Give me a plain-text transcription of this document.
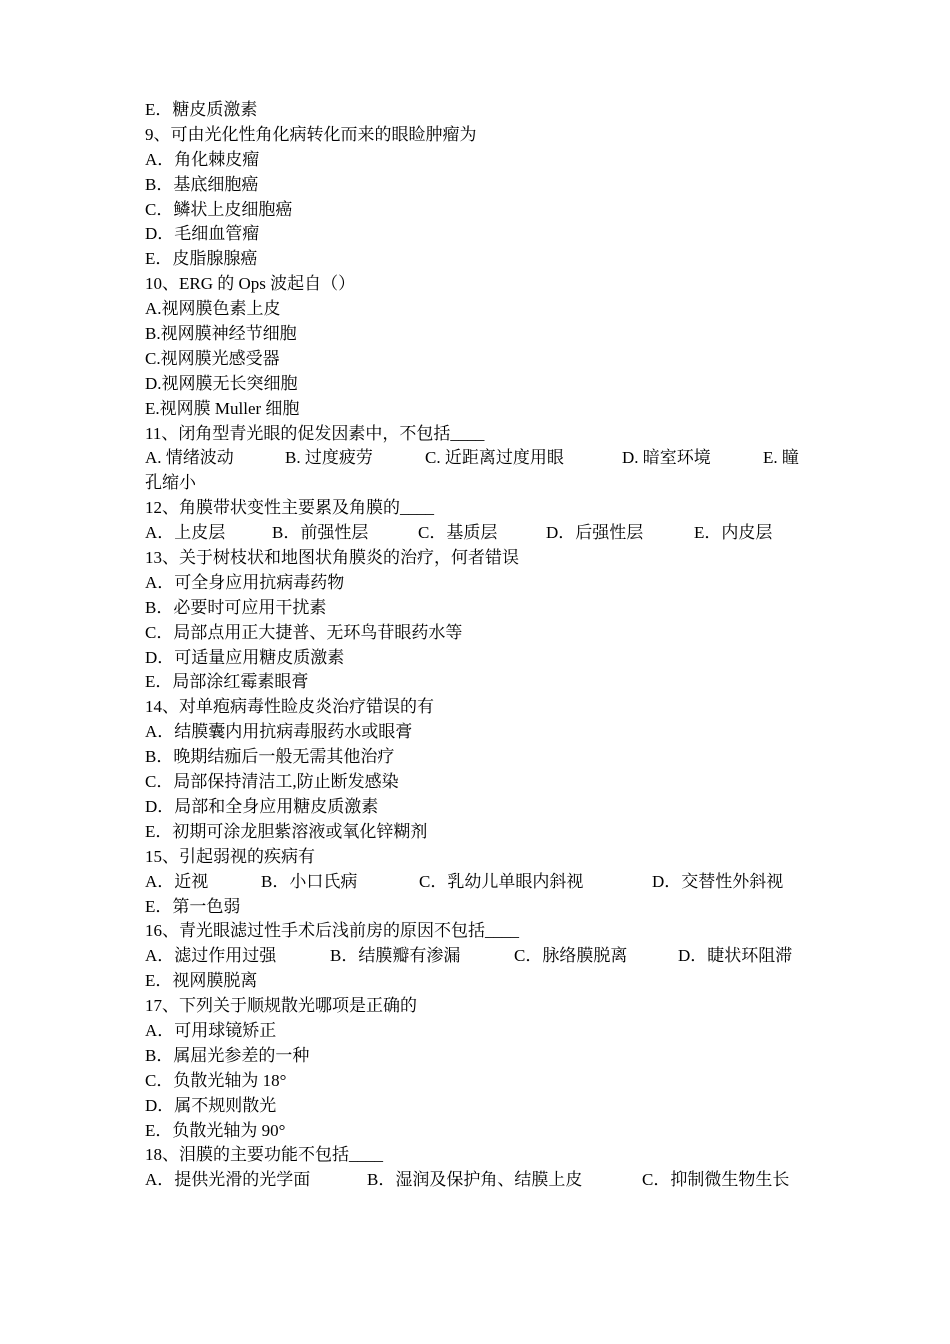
E．糖皮质激素
9、可由光化性角化病转化而来的眼睑肿瘤为
A．角化棘皮瘤
B．基底细胞癌
C．鳞状上皮细胞癌
D．毛细血管瘤
E．皮脂腺腺癌
10、ERG 的 Ops 波起自（）
A.视网膜色素上皮
B.视网膜神经节细胞
C.视网膜光感受器
D.视网膜无长突细胞
E.视网膜 Muller 细胞
11、闭角型青光眼的促发因素中，不包括____
A. 情绪波动	B. 过度疲劳	C. 近距离过度用眼	D. 暗室环境	E. 瞳
孔缩小
12、角膜带状变性主要累及角膜的____
A．上皮层	B．前强性层	C．基质层	D．后强性层	E．内皮层
13、关于树枝状和地图状角膜炎的治疗，何者错误
A．可全身应用抗病毒药物
B．必要时可应用干扰素
C．局部点用正大捷普、无环鸟苷眼药水等
D．可适量应用糖皮质激素
E．局部涂红霉素眼膏
14、对单疱病毒性睑皮炎治疗错误的有
A．结膜囊内用抗病毒服药水或眼膏
B．晚期结痂后一般无需其他治疗
C．局部保持清洁工,防止断发感染
D．局部和全身应用糖皮质激素
E．初期可涂龙胆紫溶液或氧化锌糊剂
15、引起弱视的疾病有
A．近视	B．小口氏病	C．乳幼儿单眼内斜视	D．交替性外斜视
E．第一色弱
16、青光眼滤过性手术后浅前房的原因不包括____
A．滤过作用过强	B．结膜瓣有渗漏	C．脉络膜脱离	D．睫状环阻滞
E．视网膜脱离
17、下列关于顺规散光哪项是正确的
A．可用球镜矫正
B．属屈光参差的一种
C．负散光轴为 18°
D．属不规则散光
E．负散光轴为 90°
18、泪膜的主要功能不包括____
A．提供光滑的光学面	B．湿润及保护角、结膜上皮	C．抑制微生物生长
